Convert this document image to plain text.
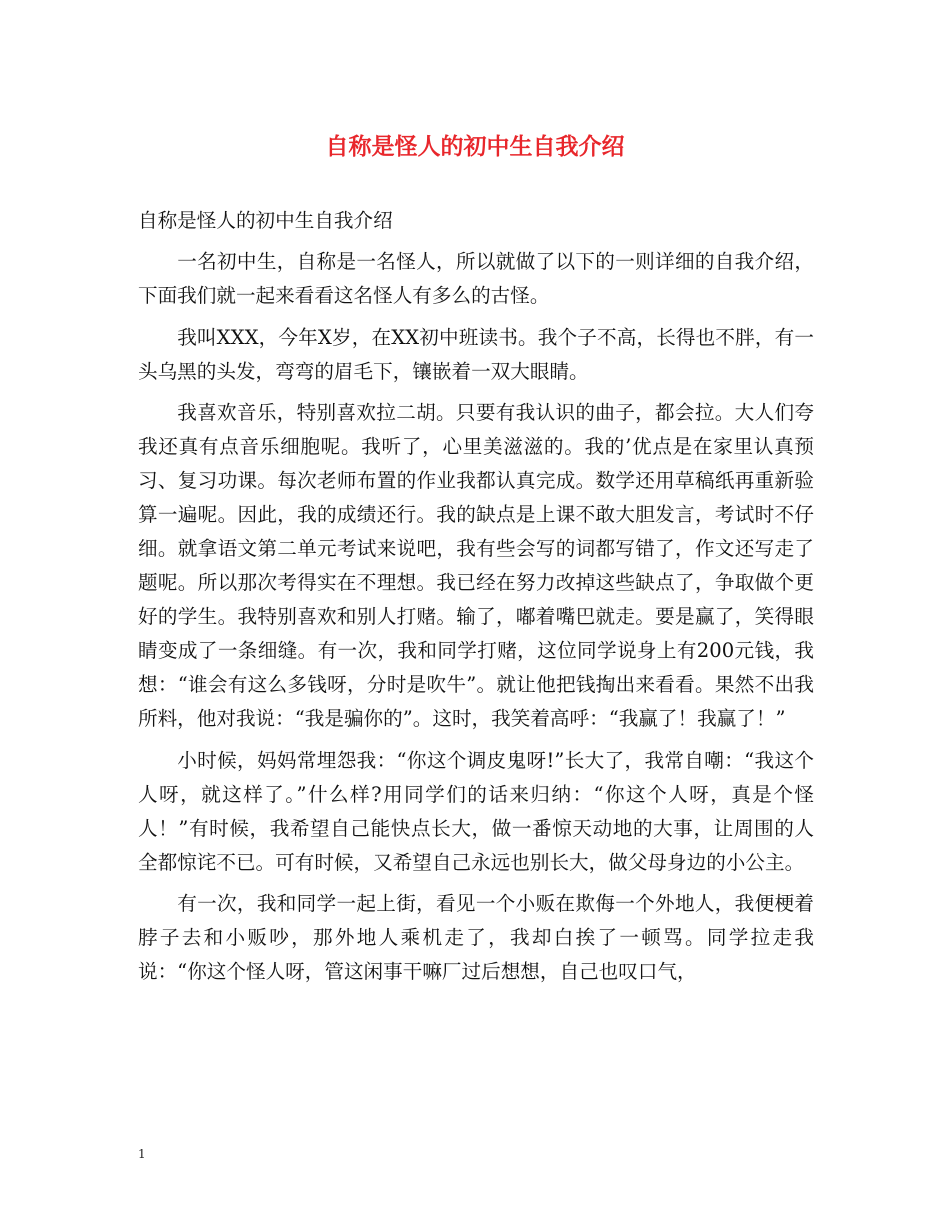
自称是怪人的初中生自我介绍

自称是怪人的初中生自我介绍

一名初中生，自称是一名怪人，所以就做了以下的一则详细的自我介绍，下面我们就一起来看看这名怪人有多么的古怪。

我叫XXX，今年X岁，在XX初中班读书。我个子不高，长得也不胖，有一头乌黑的头发，弯弯的眉毛下，镶嵌着一双大眼睛。

我喜欢音乐，特别喜欢拉二胡。只要有我认识的曲子，都会拉。大人们夸我还真有点音乐细胞呢。我听了，心里美滋滋的。我的’优点是在家里认真预习、复习功课。每次老师布置的作业我都认真完成。数学还用草稿纸再重新验算一遍呢。因此，我的成绩还行。我的缺点是上课不敢大胆发言，考试时不仔细。就拿语文第二单元考试来说吧，我有些会写的词都写错了，作文还写走了题呢。所以那次考得实在不理想。我已经在努力改掉这些缺点了，争取做个更好的学生。我特别喜欢和别人打赌。输了，嘟着嘴巴就走。要是赢了，笑得眼睛变成了一条细缝。有一次，我和同学打赌，这位同学说身上有200元钱，我想：“谁会有这么多钱呀，分时是吹牛”。就让他把钱掏出来看看。果然不出我所料，他对我说：“我是骗你的”。这时，我笑着高呼：“我赢了！我赢了！”

小时候，妈妈常埋怨我：“你这个调皮鬼呀!”长大了，我常自嘲：“我这个人呀，就这样了。”什么样?用同学们的话来归纳：“你这个人呀，真是个怪人！”有时候，我希望自己能快点长大，做一番惊天动地的大事，让周围的人全都惊诧不已。可有时候，又希望自己永远也别长大，做父母身边的小公主。

有一次，我和同学一起上街，看见一个小贩在欺侮一个外地人，我便梗着脖子去和小贩吵，那外地人乘机走了，我却白挨了一顿骂。同学拉走我说：“你这个怪人呀，管这闲事干嘛厂过后想想，自己也叹口气，

1
